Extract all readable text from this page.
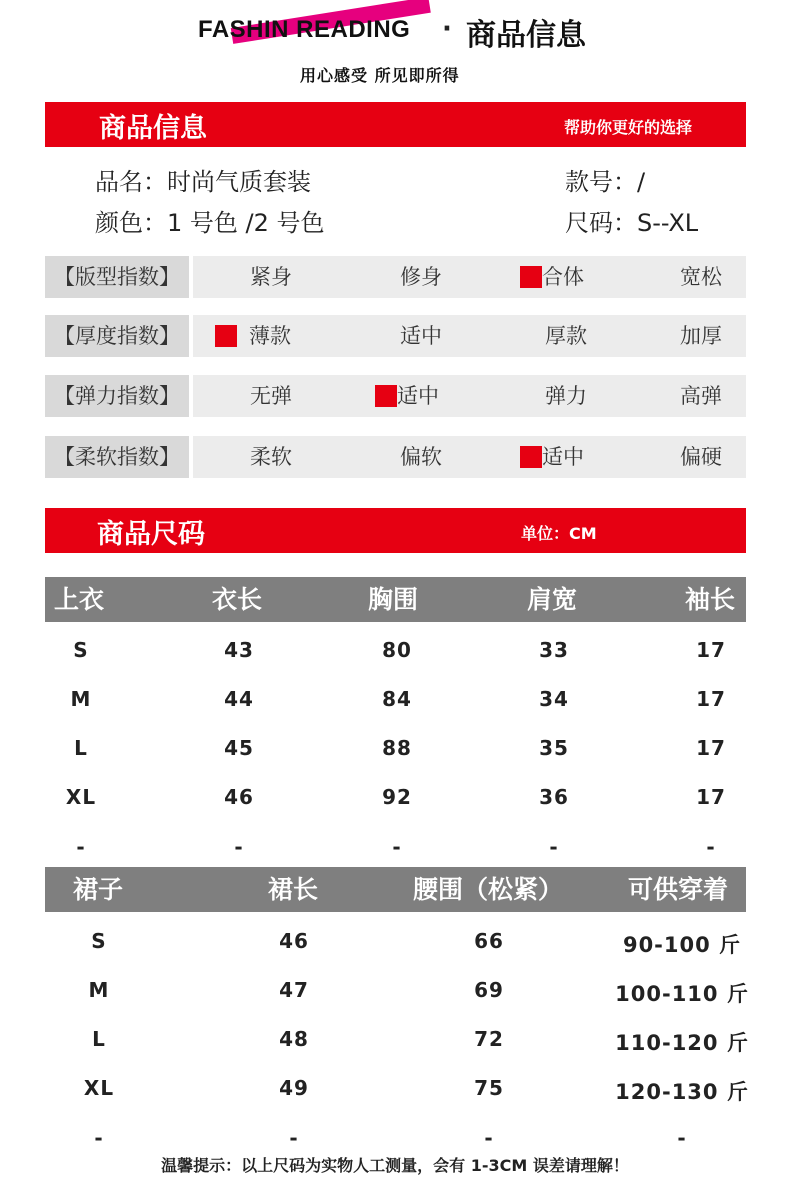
FASHIN READING · 商品信息
用心感受 所见即所得
商品信息	帮助你更好的选择
品名：时尚气质套装	款号：/
颜色：1 号色 /2 号色	尺码：S--XL
【版型指数】	紧身	修身	合体	宽松
【厚度指数】	薄款	适中	厚款	加厚
【弹力指数】	无弹	适中	弹力	高弹
【柔软指数】	柔软	偏软	适中	偏硬
商品尺码	单位：CM
上衣	衣长	胸围	肩宽	袖长
S	43	80	33	17
M	44	84	34	17
L	45	88	35	17
XL	46	92	36	17
-	-	-	-	-
裙子	裙长	腰围（松紧）	可供穿着
S	46	66	90-100 斤
M	47	69	100-110 斤
L	48	72	110-120 斤
XL	49	75	120-130 斤
-	-	-	-
温馨提示：以上尺码为实物人工测量，会有 1-3CM 误差请理解！
